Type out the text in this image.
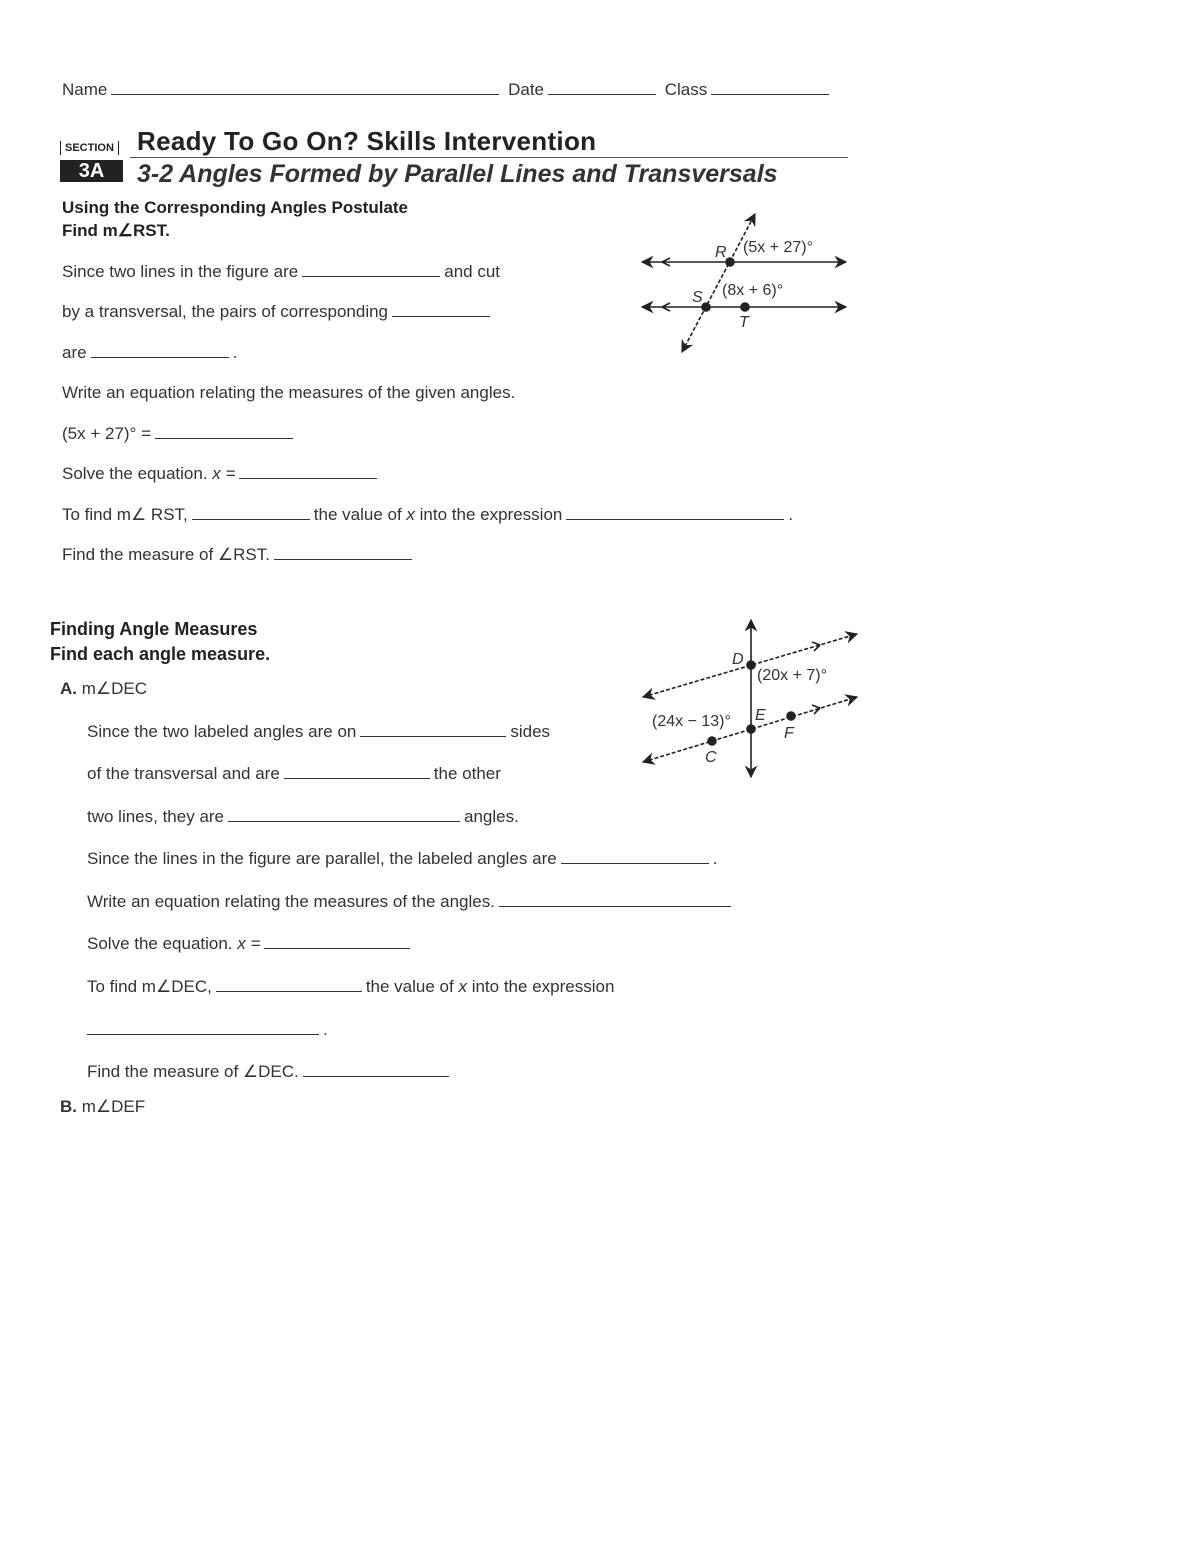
Name	Date	Class
SECTION
3A
Ready To Go On? Skills Intervention
3-2 Angles Formed by Parallel Lines and Transversals
Using the Corresponding Angles Postulate
Find m∠RST.
Since two lines in the figure are	and cut
by a transversal, the pairs of corresponding
are	.
Write an equation relating the measures of the given angles.
(5x + 27)° =
Solve the equation. x =
To find m∠ RST,	the value of x into the expression	.
Find the measure of ∠RST.
Finding Angle Measures
Find each angle measure.
A. m∠DEC
Since the two labeled angles are on	sides
of the transversal and are	the other
two lines, they are	angles.
Since the lines in the figure are parallel, the labeled angles are	.
Write an equation relating the measures of the angles.
Solve the equation. x =
To find m∠DEC,	the value of x into the expression
.
Find the measure of ∠DEC.
B. m∠DEF
R (5x + 27)°
S (8x + 6)°
T
D
(20x + 7)°
(24x − 13)° E
F
C
